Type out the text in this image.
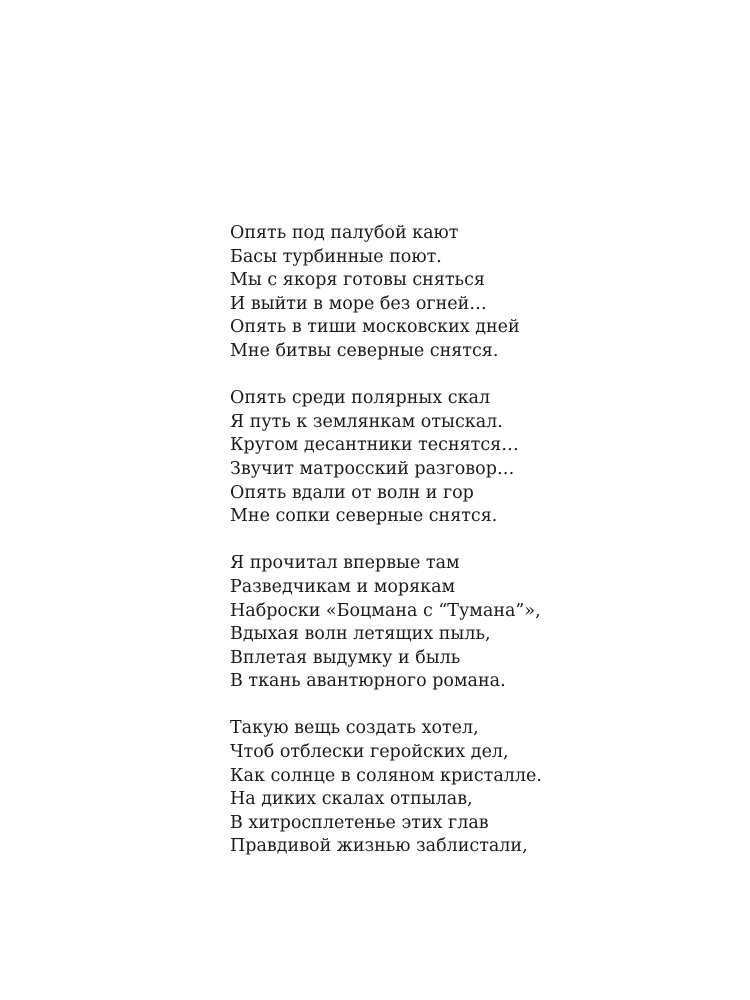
Опять под палубой кают
Басы турбинные поют.
Мы с якоря готовы сняться
И выйти в море без огней…
Опять в тиши московских дней
Мне битвы северные снятся.
Опять среди полярных скал
Я путь к землянкам отыскал.
Кругом десантники теснятся…
Звучит матросский разговор…
Опять вдали от волн и гор
Мне сопки северные снятся.
Я прочитал впервые там
Разведчикам и морякам
Наброски «Боцмана с “Тумана”»,
Вдыхая волн летящих пыль,
Вплетая выдумку и быль
В ткань авантюрного романа.
Такую вещь создать хотел,
Чтоб отблески геройских дел,
Как солнце в соляном кристалле.
На диких скалах отпылав,
В хитросплетенье этих глав
Правдивой жизнью заблистали,
